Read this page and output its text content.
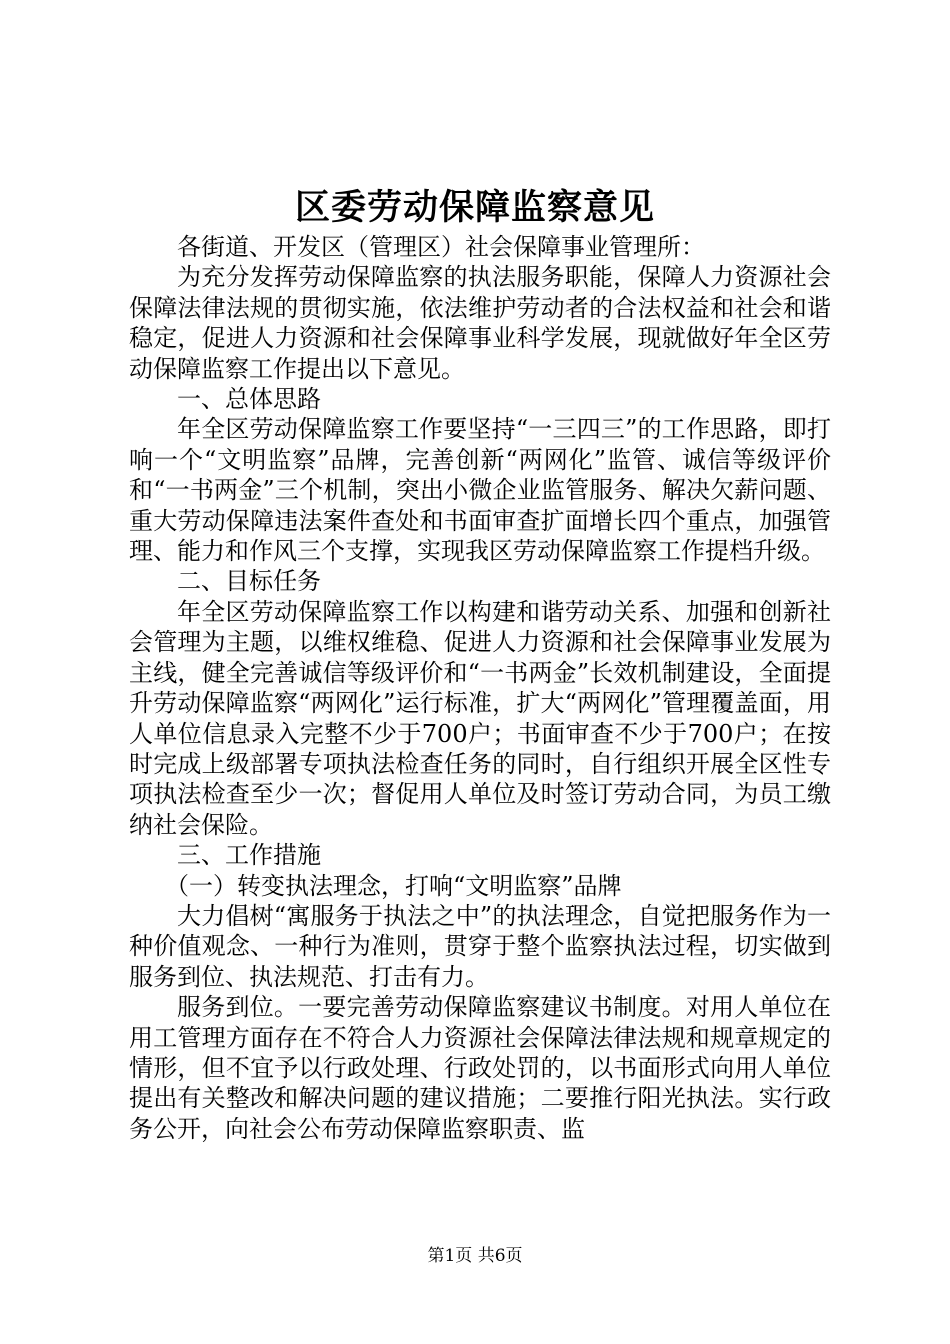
区委劳动保障监察意见

各街道、开发区（管理区）社会保障事业管理所：

为充分发挥劳动保障监察的执法服务职能，保障人力资源社会保障法律法规的贯彻实施，依法维护劳动者的合法权益和社会和谐稳定，促进人力资源和社会保障事业科学发展，现就做好年全区劳动保障监察工作提出以下意见。

一、总体思路

年全区劳动保障监察工作要坚持“一三四三”的工作思路，即打响一个“文明监察”品牌，完善创新“两网化”监管、诚信等级评价和“一书两金”三个机制，突出小微企业监管服务、解决欠薪问题、重大劳动保障违法案件查处和书面审查扩面增长四个重点，加强管理、能力和作风三个支撑，实现我区劳动保障监察工作提档升级。

二、目标任务

年全区劳动保障监察工作以构建和谐劳动关系、加强和创新社会管理为主题，以维权维稳、促进人力资源和社会保障事业发展为主线，健全完善诚信等级评价和“一书两金”长效机制建设，全面提升劳动保障监察“两网化”运行标准，扩大“两网化”管理覆盖面，用人单位信息录入完整不少于700户；书面审查不少于700户；在按时完成上级部署专项执法检查任务的同时，自行组织开展全区性专项执法检查至少一次；督促用人单位及时签订劳动合同，为员工缴纳社会保险。

三、工作措施

（一）转变执法理念，打响“文明监察”品牌

大力倡树“寓服务于执法之中”的执法理念，自觉把服务作为一种价值观念、一种行为准则，贯穿于整个监察执法过程，切实做到服务到位、执法规范、打击有力。

服务到位。一要完善劳动保障监察建议书制度。对用人单位在用工管理方面存在不符合人力资源社会保障法律法规和规章规定的情形，但不宜予以行政处理、行政处罚的，以书面形式向用人单位提出有关整改和解决问题的建议措施；二要推行阳光执法。实行政务公开，向社会公布劳动保障监察职责、监

第1页 共6页
